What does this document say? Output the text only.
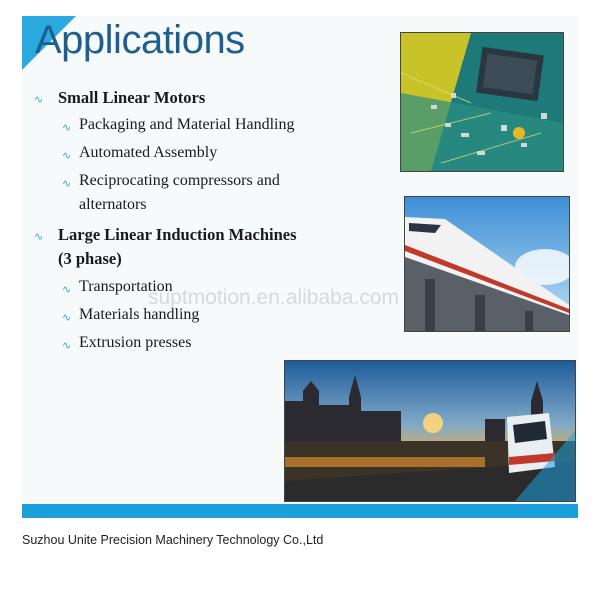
Applications
∿ Small Linear Motors
∿ Packaging and Material Handling
∿ Automated Assembly
∿ Reciprocating compressors and
alternators
∿ Large Linear Induction Machines
(3 phase)
∿ Transportation
∿ Materials handling
∿ Extrusion presses
suptmotion.en.alibaba.com
Suzhou Unite Precision Machinery Technology Co.,Ltd
